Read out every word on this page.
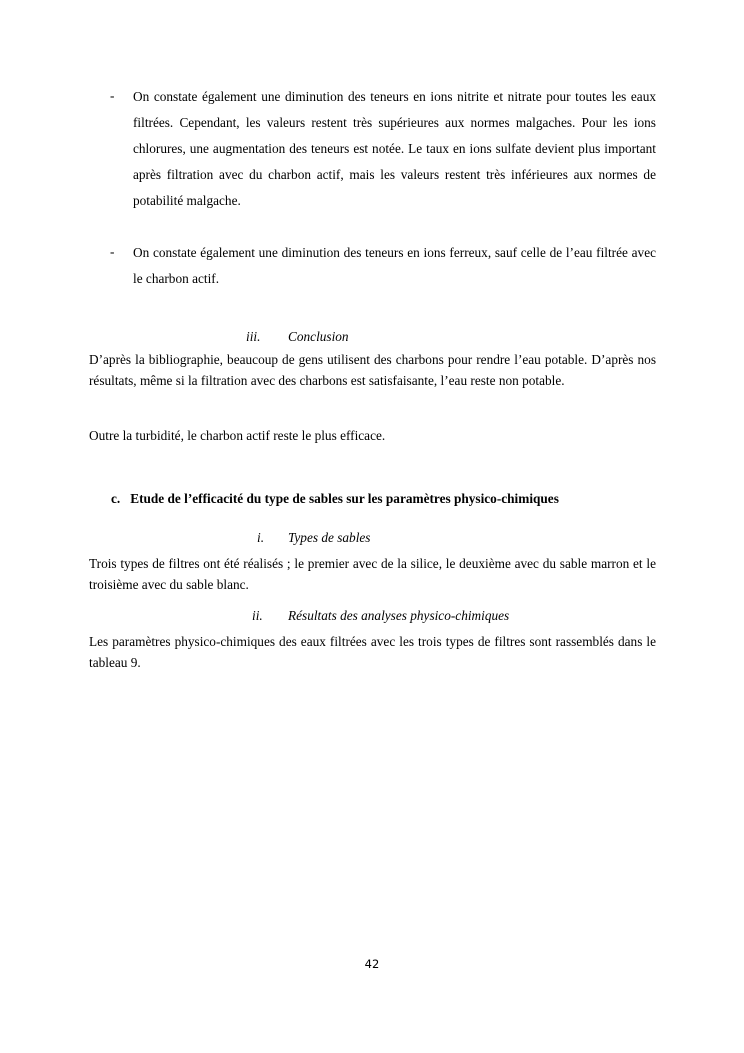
- On constate également une diminution des teneurs en ions nitrite et nitrate pour toutes les eaux filtrées. Cependant, les valeurs restent très supérieures aux normes malgaches. Pour les ions chlorures, une augmentation des teneurs est notée. Le taux en ions sulfate devient plus important après filtration avec du charbon actif, mais les valeurs restent très inférieures aux normes de potabilité malgache.
- On constate également une diminution des teneurs en ions ferreux, sauf celle de l’eau filtrée avec le charbon actif.
iii. Conclusion
D’après la bibliographie, beaucoup de gens utilisent des charbons pour rendre l’eau potable. D’après nos résultats, même si la filtration avec des charbons est satisfaisante, l’eau reste non potable.
Outre la turbidité, le charbon actif reste le plus efficace.
c.   Etude de l’efficacité du type de sables sur les paramètres physico-chimiques
i. Types de sables
Trois types de filtres ont été réalisés ; le premier avec de la silice, le deuxième avec du sable marron et le troisième avec du sable blanc.
ii. Résultats des analyses physico-chimiques
Les paramètres physico-chimiques des eaux filtrées avec les trois types de filtres sont rassemblés dans le tableau 9.
42
